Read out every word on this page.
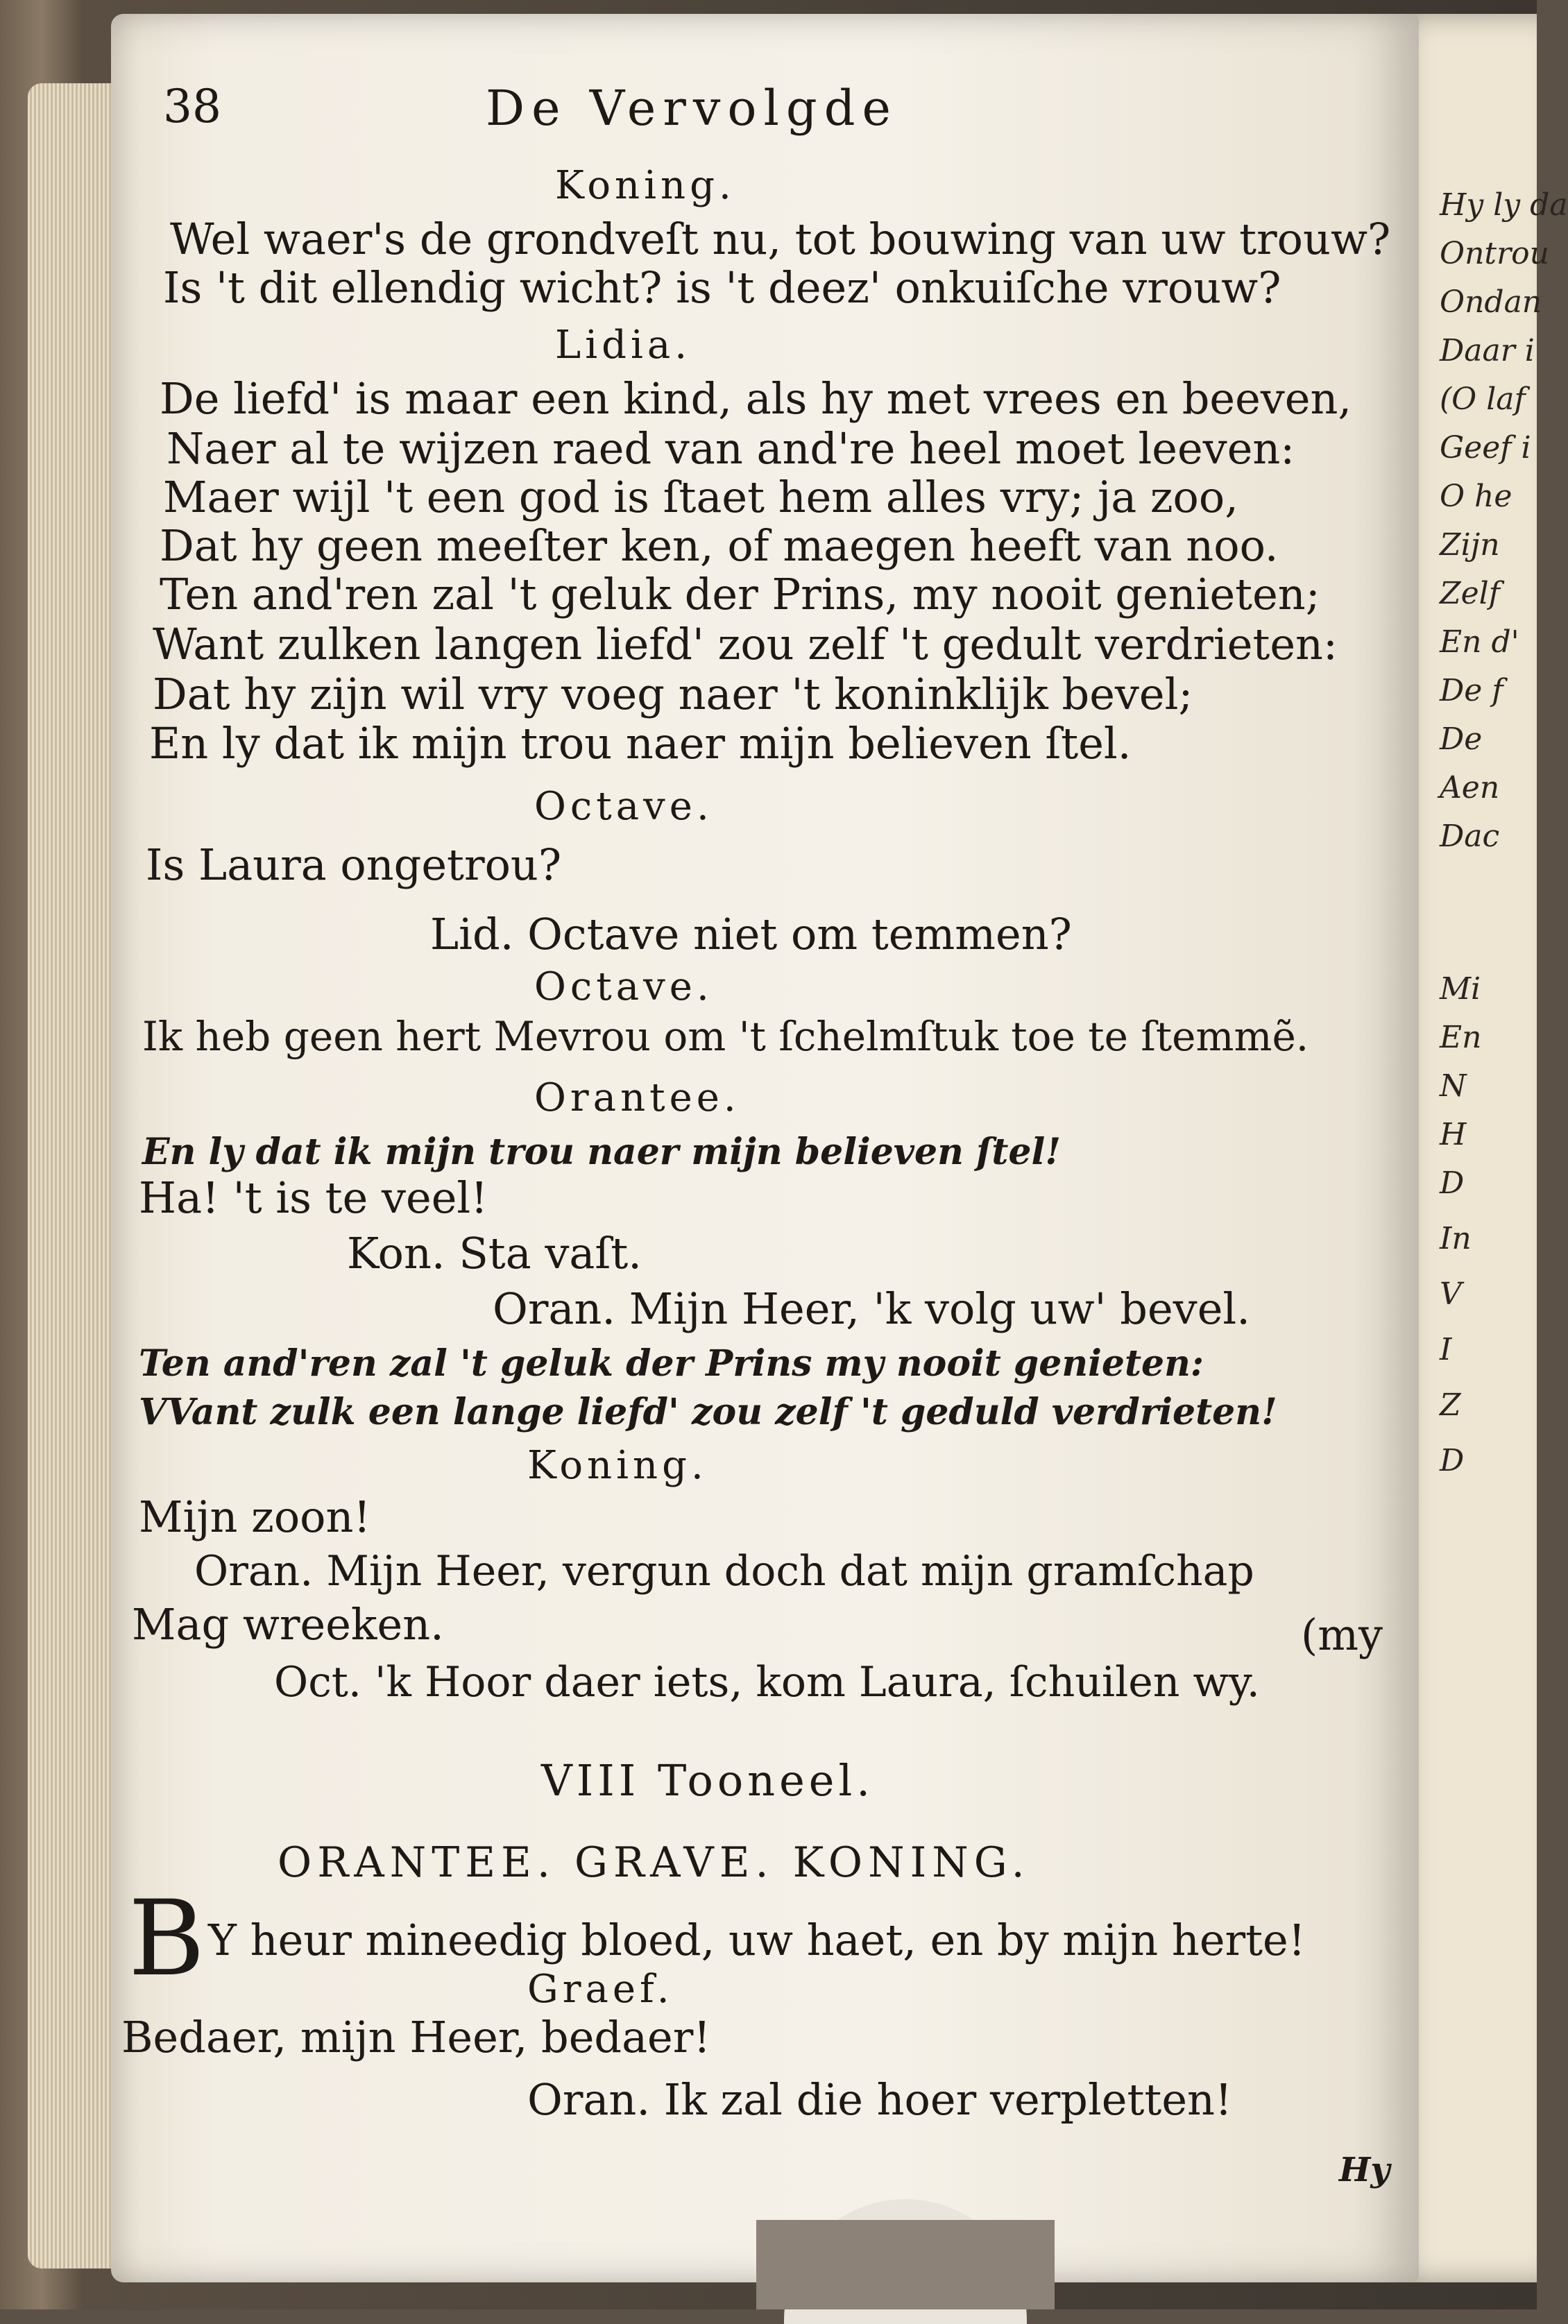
Hy ly da
Ontrou
Ondan
Daar i
(O laf
Geef i
O he
Zijn
Zelf
En d'
De f
De
Aen
Dac
Mi
En
N
H
D
In
V
I
Z
D
38	De Vervolgde
Koning.
Wel waer's de grondveſt nu, tot bouwing van uw trouw?
Is 't dit ellendig wicht? is 't deez' onkuiſche vrouw?
Lidia.
De liefd' is maar een kind, als hy met vrees en beeven,
Naer al te wijzen raed van and're heel moet leeven:
Maer wijl 't een god is ſtaet hem alles vry; ja zoo,
Dat hy geen meeſter ken, of maegen heeft van noo.
Ten and'ren zal 't geluk der Prins, my nooit genieten;
Want zulken langen liefd' zou zelf 't gedult verdrieten:
Dat hy zijn wil vry voeg naer 't koninklijk bevel;
En ly dat ik mijn trou naer mijn believen ſtel.
Octave.
Is Laura ongetrou?
Lid. Octave niet om temmen?
Octave.
Ik heb geen hert Mevrou om 't ſchelmſtuk toe te ſtemmẽ.
Orantee.
En ly dat ik mijn trou naer mijn believen ſtel!
Ha! 't is te veel!
Kon. Sta vaſt.
Oran. Mijn Heer, 'k volg uw' bevel.
Ten and'ren zal 't geluk der Prins my nooit genieten:
VVant zulk een lange liefd' zou zelf 't geduld verdrieten!
Koning.
Mijn zoon!
Oran. Mijn Heer, vergun doch dat mijn gramſchap
Mag wreeken.	(my
Oct. 'k Hoor daer iets, kom Laura, ſchuilen wy.
VIII Tooneel.
ORANTEE. GRAVE. KONING.
B Y heur mineedig bloed, uw haet, en by mijn herte!
Graef.
Bedaer, mijn Heer, bedaer!
Oran. Ik zal die hoer verpletten!
Hy
